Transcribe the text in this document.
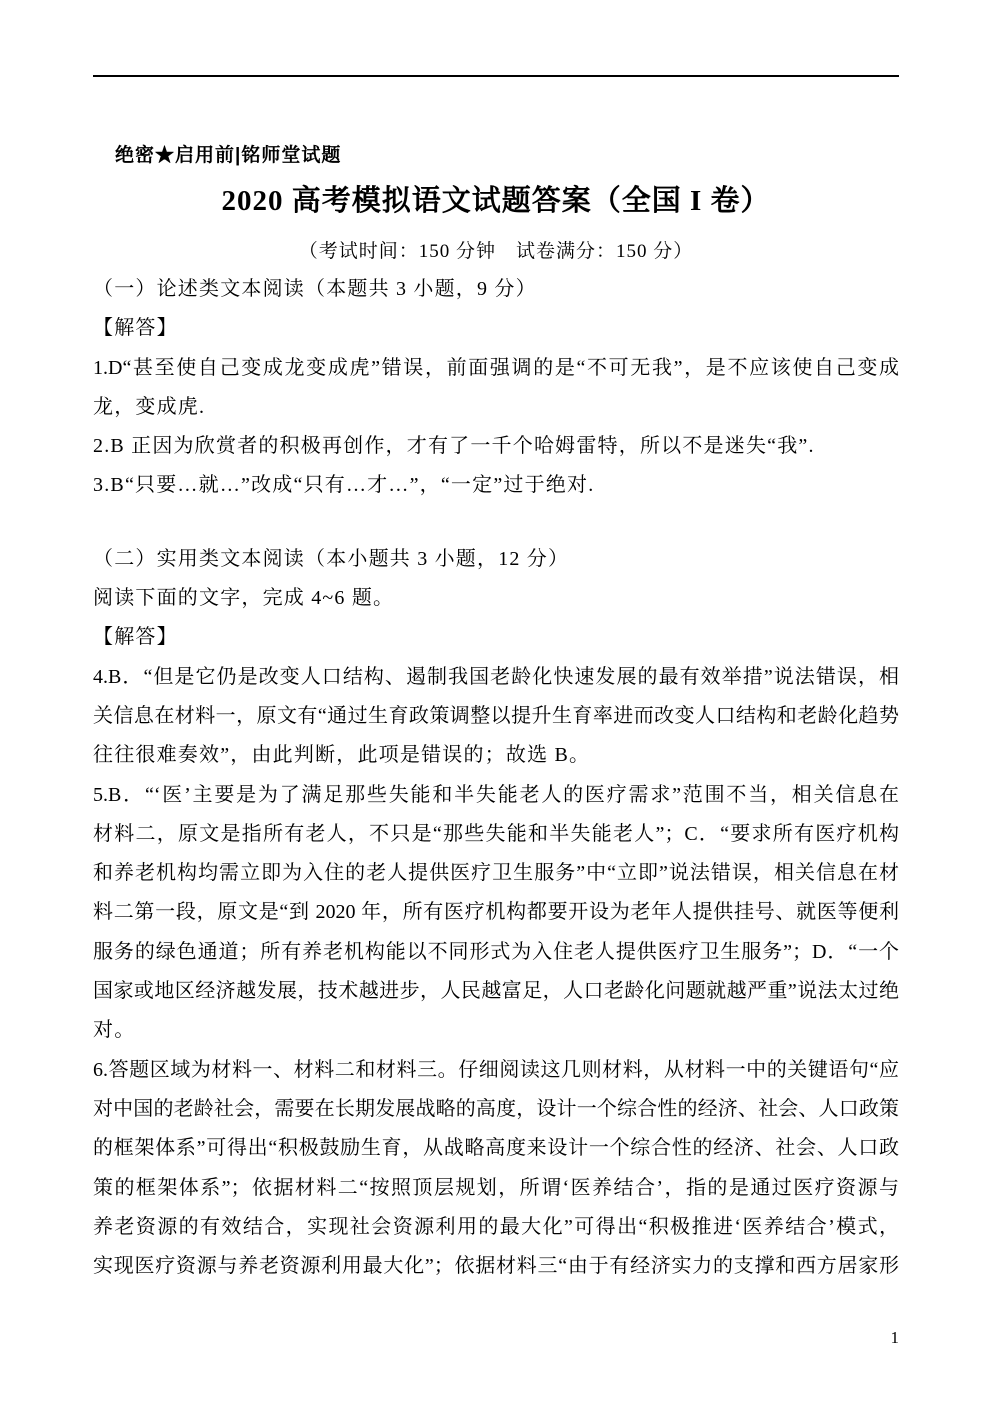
绝密★启用前|铭师堂试题
2020 高考模拟语文试题答案（全国 I 卷）
（考试时间：150 分钟　试卷满分：150 分）
（一）论述类文本阅读（本题共 3 小题，9 分）
【解答】
1.D“甚至使自己变成龙变成虎”错误，前面强调的是“不可无我”，是不应该使自己变成
龙，变成虎.
2.B 正因为欣赏者的积极再创作，才有了一千个哈姆雷特，所以不是迷失“我”.
3.B“只要…就…”改成“只有…才…”，“一定”过于绝对.
（二）实用类文本阅读（本小题共 3 小题，12 分）
阅读下面的文字，完成 4~6 题。
【解答】
4.B．“但是它仍是改变人口结构、遏制我国老龄化快速发展的最有效举措”说法错误，相
关信息在材料一，原文有“通过生育政策调整以提升生育率进而改变人口结构和老龄化趋势
往往很难奏效”，由此判断，此项是错误的；故选 B。
5.B．“‘医’主要是为了满足那些失能和半失能老人的医疗需求”范围不当，相关信息在
材料二，原文是指所有老人，不只是“那些失能和半失能老人”；C．“要求所有医疗机构
和养老机构均需立即为入住的老人提供医疗卫生服务”中“立即”说法错误，相关信息在材
料二第一段，原文是“到 2020 年，所有医疗机构都要开设为老年人提供挂号、就医等便利
服务的绿色通道；所有养老机构能以不同形式为入住老人提供医疗卫生服务”；D．“一个
国家或地区经济越发展，技术越进步，人民越富足，人口老龄化问题就越严重”说法太过绝
对。
6.答题区域为材料一、材料二和材料三。仔细阅读这几则材料，从材料一中的关键语句“应
对中国的老龄社会，需要在长期发展战略的高度，设计一个综合性的经济、社会、人口政策
的框架体系”可得出“积极鼓励生育，从战略高度来设计一个综合性的经济、社会、人口政
策的框架体系”；依据材料二“按照顶层规划，所谓‘医养结合’，指的是通过医疗资源与
养老资源的有效结合，实现社会资源利用的最大化”可得出“积极推进‘医养结合’模式，
实现医疗资源与养老资源利用最大化”；依据材料三“由于有经济实力的支撑和西方居家形
1
